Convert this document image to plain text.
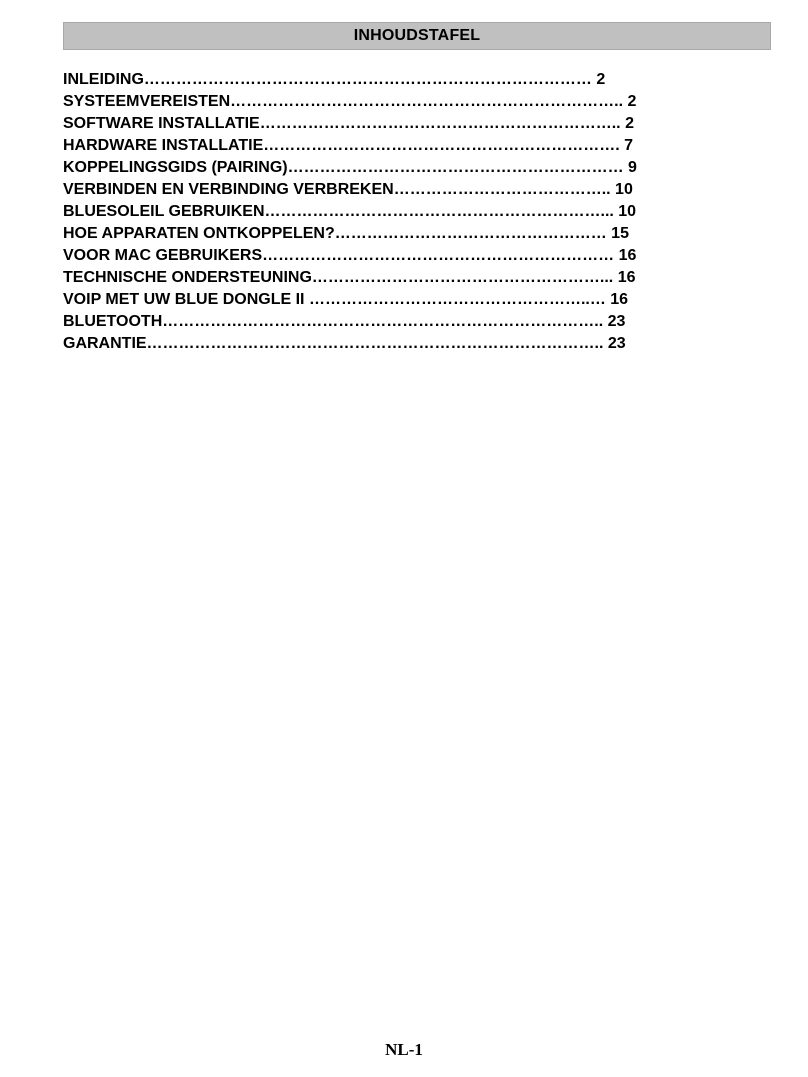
INHOUDSTAFEL
INLEIDING………………………………………………………………………… 2
SYSTEEMVEREISTEN……………………………………………………………….. 2
SOFTWARE INSTALLATIE………………………………………………………….. 2
HARDWARE INSTALLATIE…………………………………………………………. 7
KOPPELINGSGIDS (PAIRING)……………………………………………………… 9
VERBINDEN EN VERBINDING VERBREKEN………………………………….. 10
BLUESOLEIL GEBRUIKEN………………………………………………………... 10
HOE APPARATEN ONTKOPPELEN?…………………………………………… 15
VOOR MAC GEBRUIKERS………………………………………………………… 16
TECHNISCHE ONDERSTEUNING………………………………………………... 16
VOIP MET UW BLUE DONGLE II ……………………………………………..… 16
BLUETOOTH……………………………………………………………………….. 23
GARANTIE………………………………………………………………………….. 23
NL-1
